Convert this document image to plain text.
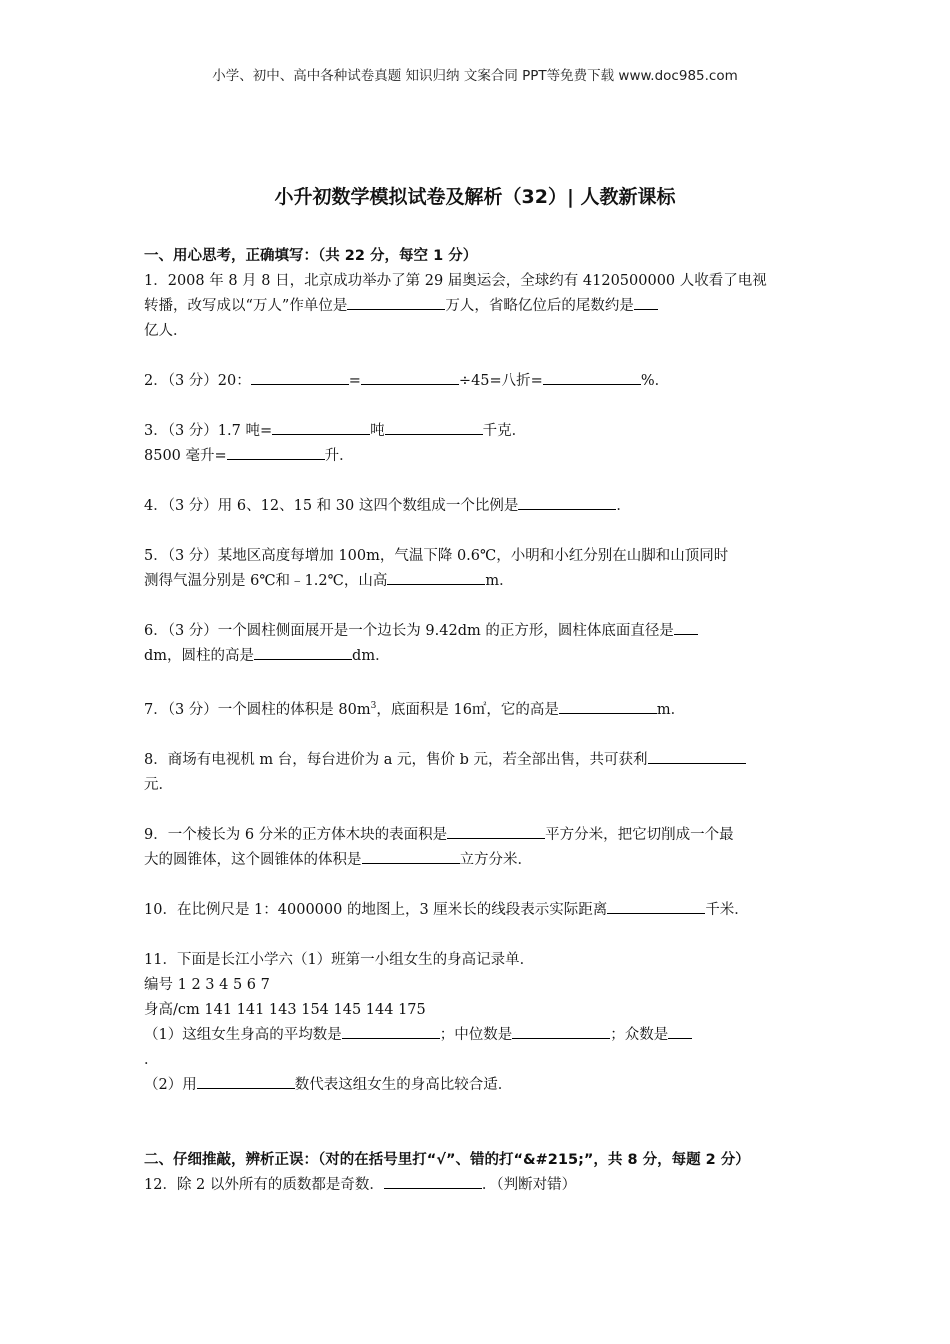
小学、初中、高中各种试卷真题 知识归纳 文案合同 PPT等免费下载 www.doc985.com
小升初数学模拟试卷及解析（32）| 人教新课标
一、用心思考，正确填写：（共 22 分，每空 1 分）

1．2008 年 8 月 8 日，北京成功举办了第 29 届奥运会，全球约有 4120500000 人收看了电视

转播，改写成以“万人”作单位是	万人，省略亿位后的尾数约是

亿人．

2．（3 分）20：	=	÷45=八折=	%．

3．（3 分）1.7 吨=	吨	千克．

8500 毫升=	升．

4．（3 分）用 6、12、15 和 30 这四个数组成一个比例是	．

5．（3 分）某地区高度每增加 100m，气温下降 0.6℃，小明和小红分别在山脚和山顶同时

测得气温分别是 6℃和﹣1.2℃，山高	m．

6．（3 分）一个圆柱侧面展开是一个边长为 9.42dm 的正方形，圆柱体底面直径是

dm，圆柱的高是	dm．

7．（3 分）一个圆柱的体积是 $80m^3$，底面积是 16㎡，它的高是	m．

8．商场有电视机 m 台，每台进价为 a 元，售价 b 元，若全部出售，共可获利

元．

9．一个棱长为 6 分米的正方体木块的表面积是	平方分米，把它切削成一个最

大的圆锥体，这个圆锥体的体积是	立方分米．

10．在比例尺是 1：4000000 的地图上，3 厘米长的线段表示实际距离	千米．

11．下面是长江小学六（1）班第一小组女生的身高记录单．

编号 1 2 3 4 5 6 7

身高/cm 141 141 143 154 145 144 175

（1）这组女生身高的平均数是	；中位数是	；众数是

．

（2）用	数代表这组女生的身高比较合适．

二、仔细推敲，辨析正误：（对的在括号里打“√”、错的打“&#215;”，共 8 分，每题 2 分）

12．除 2 以外所有的质数都是奇数．	．（判断对错）
